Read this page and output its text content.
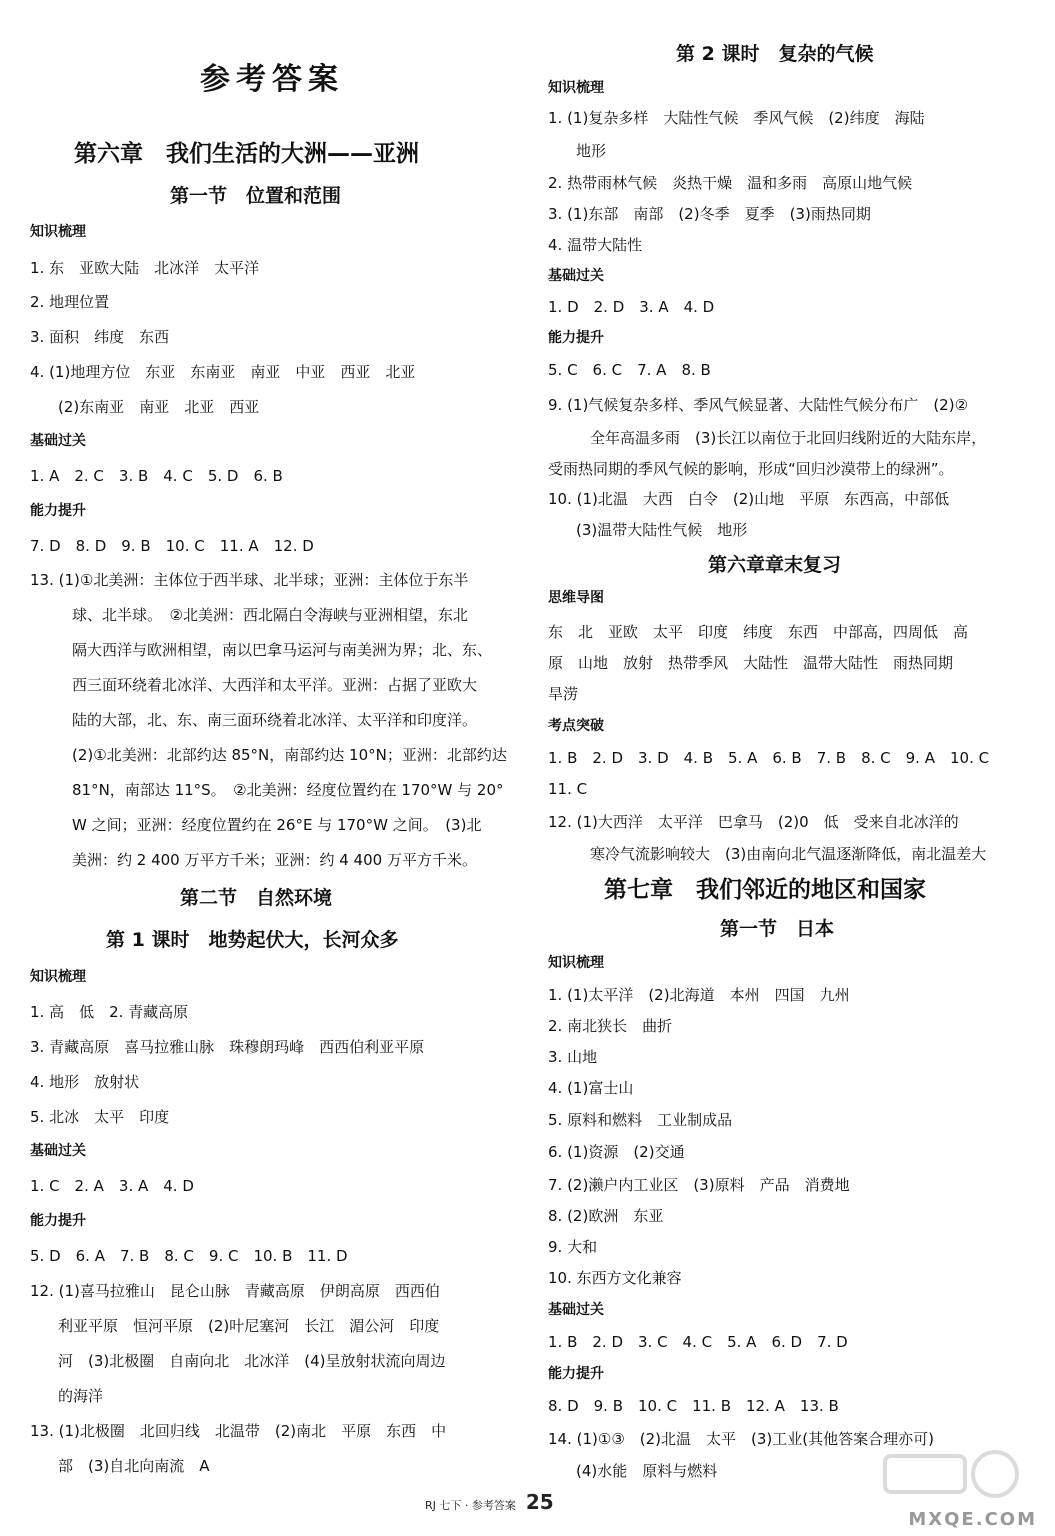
参考答案
第六章　我们生活的大洲——亚洲
第一节　位置和范围
知识梳理
1. 东　亚欧大陆　北冰洋　太平洋
2. 地理位置
3. 面积　纬度　东西
4. (1)地理方位　东亚　东南亚　南亚　中亚　西亚　北亚
(2)东南亚　南亚　北亚　西亚
基础过关
1. A　2. C　3. B　4. C　5. D　6. B
能力提升
7. D　8. D　9. B　10. C　11. A　12. D
13. (1)①北美洲：主体位于西半球、北半球；亚洲：主体位于东半
球、北半球。　②北美洲：西北隔白令海峡与亚洲相望，东北
隔大西洋与欧洲相望，南以巴拿马运河与南美洲为界；北、东、
西三面环绕着北冰洋、大西洋和太平洋。亚洲：占据了亚欧大
陆的大部，北、东、南三面环绕着北冰洋、太平洋和印度洋。
(2)①北美洲：北部约达 85°N，南部约达 10°N；亚洲：北部约达
81°N，南部达 11°S。　②北美洲：经度位置约在 170°W 与 20°
W 之间；亚洲：经度位置约在 26°E 与 170°W 之间。　(3)北
美洲：约 2 400 万平方千米；亚洲：约 4 400 万平方千米。
第二节　自然环境
第 1 课时　地势起伏大，长河众多
知识梳理
1. 高　低　2. 青藏高原
3. 青藏高原　喜马拉雅山脉　珠穆朗玛峰　西西伯利亚平原
4. 地形　放射状
5. 北冰　太平　印度
基础过关
1. C　2. A　3. A　4. D
能力提升
5. D　6. A　7. B　8. C　9. C　10. B　11. D
12. (1)喜马拉雅山　昆仑山脉　青藏高原　伊朗高原　西西伯
利亚平原　恒河平原　(2)叶尼塞河　长江　湄公河　印度
河　(3)北极圈　自南向北　北冰洋　(4)呈放射状流向周边
的海洋
13. (1)北极圈　北回归线　北温带　(2)南北　平原　东西　中
部　(3)自北向南流　A
第 2 课时　复杂的气候
知识梳理
1. (1)复杂多样　大陆性气候　季风气候　(2)纬度　海陆
地形
2. 热带雨林气候　炎热干燥　温和多雨　高原山地气候
3. (1)东部　南部　(2)冬季　夏季　(3)雨热同期
4. 温带大陆性
基础过关
1. D　2. D　3. A　4. D
能力提升
5. C　6. C　7. A　8. B
9. (1)气候复杂多样、季风气候显著、大陆性气候分布广　(2)②
全年高温多雨　(3)长江以南位于北回归线附近的大陆东岸，
受雨热同期的季风气候的影响，形成“回归沙漠带上的绿洲”。
10. (1)北温　大西　白令　(2)山地　平原　东西高，中部低
(3)温带大陆性气候　地形
第六章章末复习
思维导图
东　北　亚欧　太平　印度　纬度　东西　中部高，四周低　高
原　山地　放射　热带季风　大陆性　温带大陆性　雨热同期
旱涝
考点突破
1. B　2. D　3. D　4. B　5. A　6. B　7. B　8. C　9. A　10. C
11. C
12. (1)大西洋　太平洋　巴拿马　(2)0　低　受来自北冰洋的
寒冷气流影响较大　(3)由南向北气温逐渐降低，南北温差大
第七章　我们邻近的地区和国家
第一节　日本
知识梳理
1. (1)太平洋　(2)北海道　本州　四国　九州
2. 南北狭长　曲折
3. 山地
4. (1)富士山
5. 原料和燃料　工业制成品
6. (1)资源　(2)交通
7. (2)濑户内工业区　(3)原料　产品　消费地
8. (2)欧洲　东亚
9. 大和
10. 东西方文化兼容
基础过关
1. B　2. D　3. C　4. C　5. A　6. D　7. D
能力提升
8. D　9. B　10. C　11. B　12. A　13. B
14. (1)①③　(2)北温　太平　(3)工业(其他答案合理亦可)
(4)水能　原料与燃料
RJ 七下 · 参考答案 25
MXQE.COM
